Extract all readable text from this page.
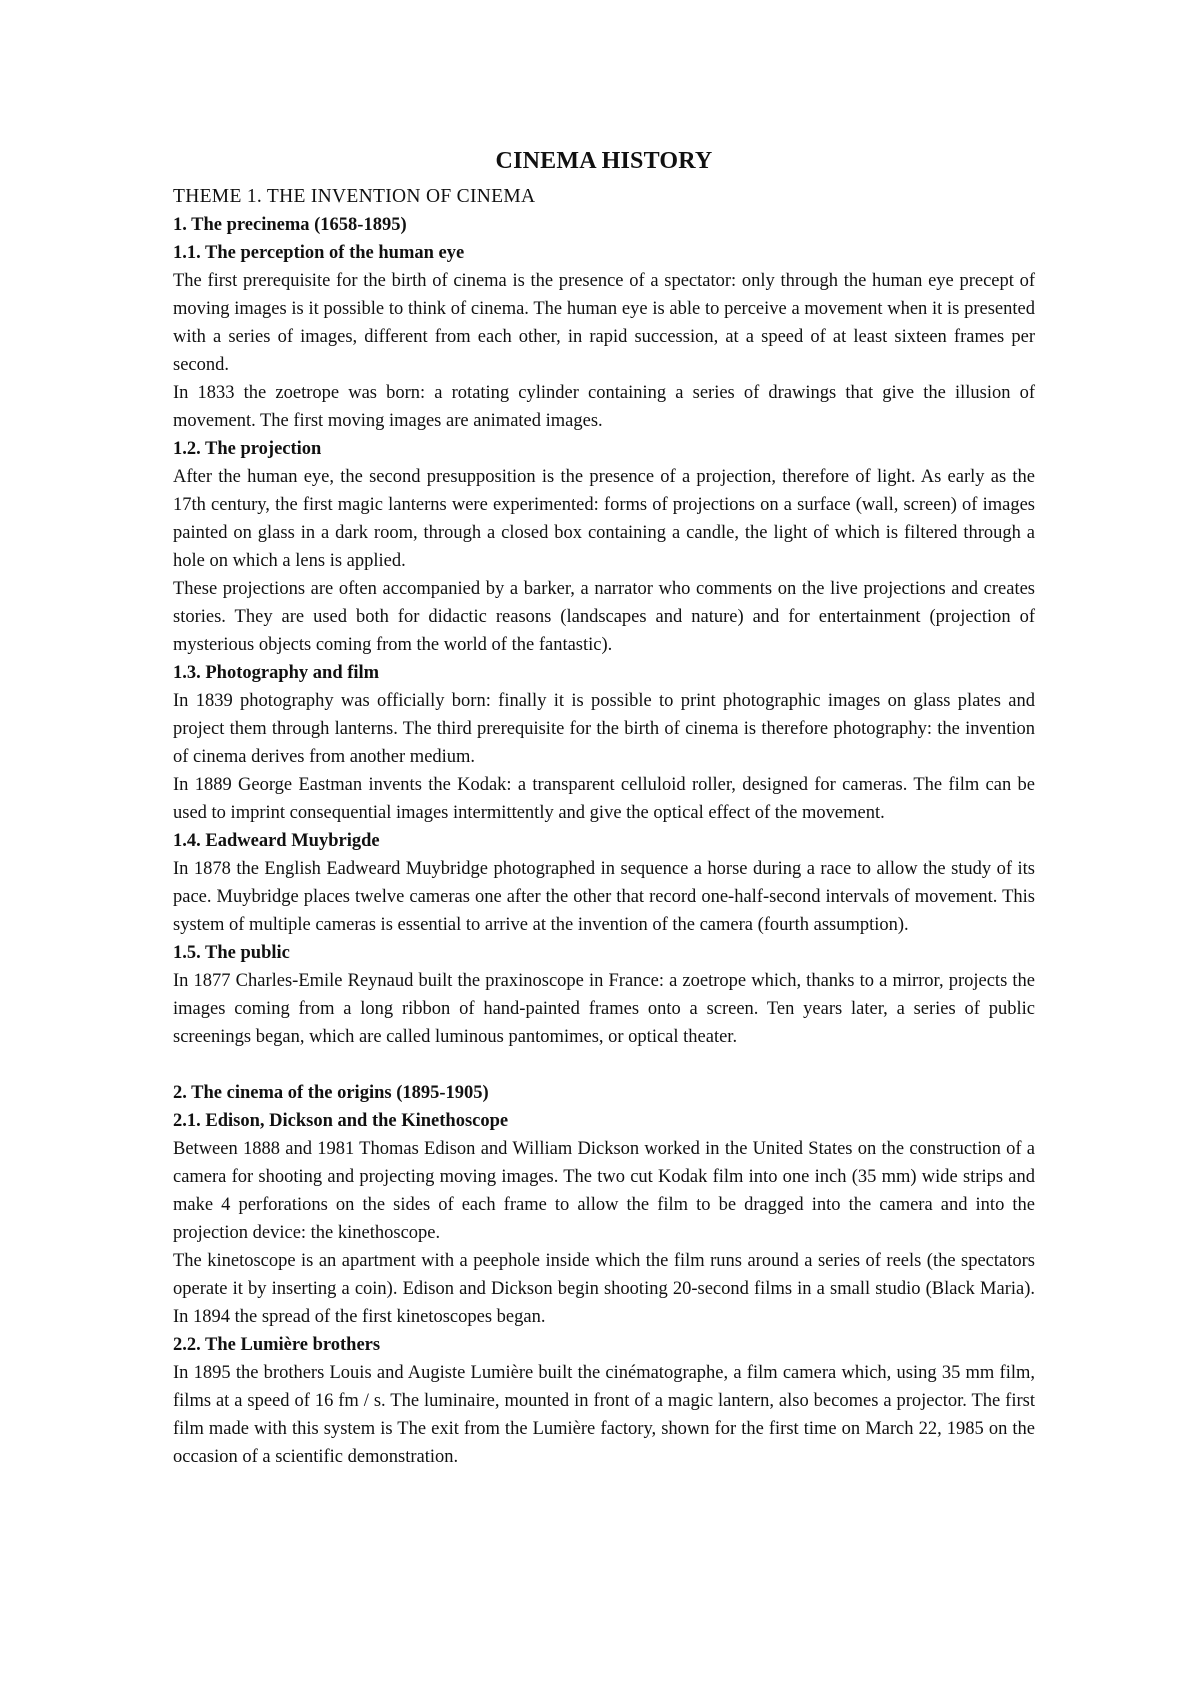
CINEMA HISTORY
THEME 1. THE INVENTION OF CINEMA
1. The precinema (1658-1895)
1.1. The perception of the human eye

The first prerequisite for the birth of cinema is the presence of a spectator: only through the human eye precept of moving images is it possible to think of cinema. The human eye is able to perceive a movement when it is presented with a series of images, different from each other, in rapid succession, at a speed of at least sixteen frames per second.

In 1833 the zoetrope was born: a rotating cylinder containing a series of drawings that give the illusion of movement. The first moving images are animated images.

1.2. The projection

After the human eye, the second presupposition is the presence of a projection, therefore of light. As early as the 17th century, the first magic lanterns were experimented: forms of projections on a surface (wall, screen) of images painted on glass in a dark room, through a closed box containing a candle, the light of which is filtered through a hole on which a lens is applied.

These projections are often accompanied by a barker, a narrator who comments on the live projections and creates stories. They are used both for didactic reasons (landscapes and nature) and for entertainment (projection of mysterious objects coming from the world of the fantastic).

1.3. Photography and film

In 1839 photography was officially born: finally it is possible to print photographic images on glass plates and project them through lanterns. The third prerequisite for the birth of cinema is therefore photography: the invention of cinema derives from another medium.

In 1889 George Eastman invents the Kodak: a transparent celluloid roller, designed for cameras. The film can be used to imprint consequential images intermittently and give the optical effect of the movement.

1.4. Eadweard Muybrigde

In 1878 the English Eadweard Muybridge photographed in sequence a horse during a race to allow the study of its pace. Muybridge places twelve cameras one after the other that record one-half-second intervals of movement. This system of multiple cameras is essential to arrive at the invention of the camera (fourth assumption).

1.5. The public

In 1877 Charles-Emile Reynaud built the praxinoscope in France: a zoetrope which, thanks to a mirror, projects the images coming from a long ribbon of hand-painted frames onto a screen. Ten years later, a series of public screenings began, which are called luminous pantomimes, or optical theater.

2. The cinema of the origins (1895-1905)
2.1. Edison, Dickson and the Kinethoscope

Between 1888 and 1981 Thomas Edison and William Dickson worked in the United States on the construction of a camera for shooting and projecting moving images. The two cut Kodak film into one inch (35 mm) wide strips and make 4 perforations on the sides of each frame to allow the film to be dragged into the camera and into the projection device: the kinethoscope.

The kinetoscope is an apartment with a peephole inside which the film runs around a series of reels (the spectators operate it by inserting a coin). Edison and Dickson begin shooting 20-second films in a small studio (Black Maria). In 1894 the spread of the first kinetoscopes began.

2.2. The Lumière brothers

In 1895 the brothers Louis and Augiste Lumière built the cinématographe, a film camera which, using 35 mm film, films at a speed of 16 fm / s. The luminaire, mounted in front of a magic lantern, also becomes a projector. The first film made with this system is The exit from the Lumière factory, shown for the first time on March 22, 1985 on the occasion of a scientific demonstration.
